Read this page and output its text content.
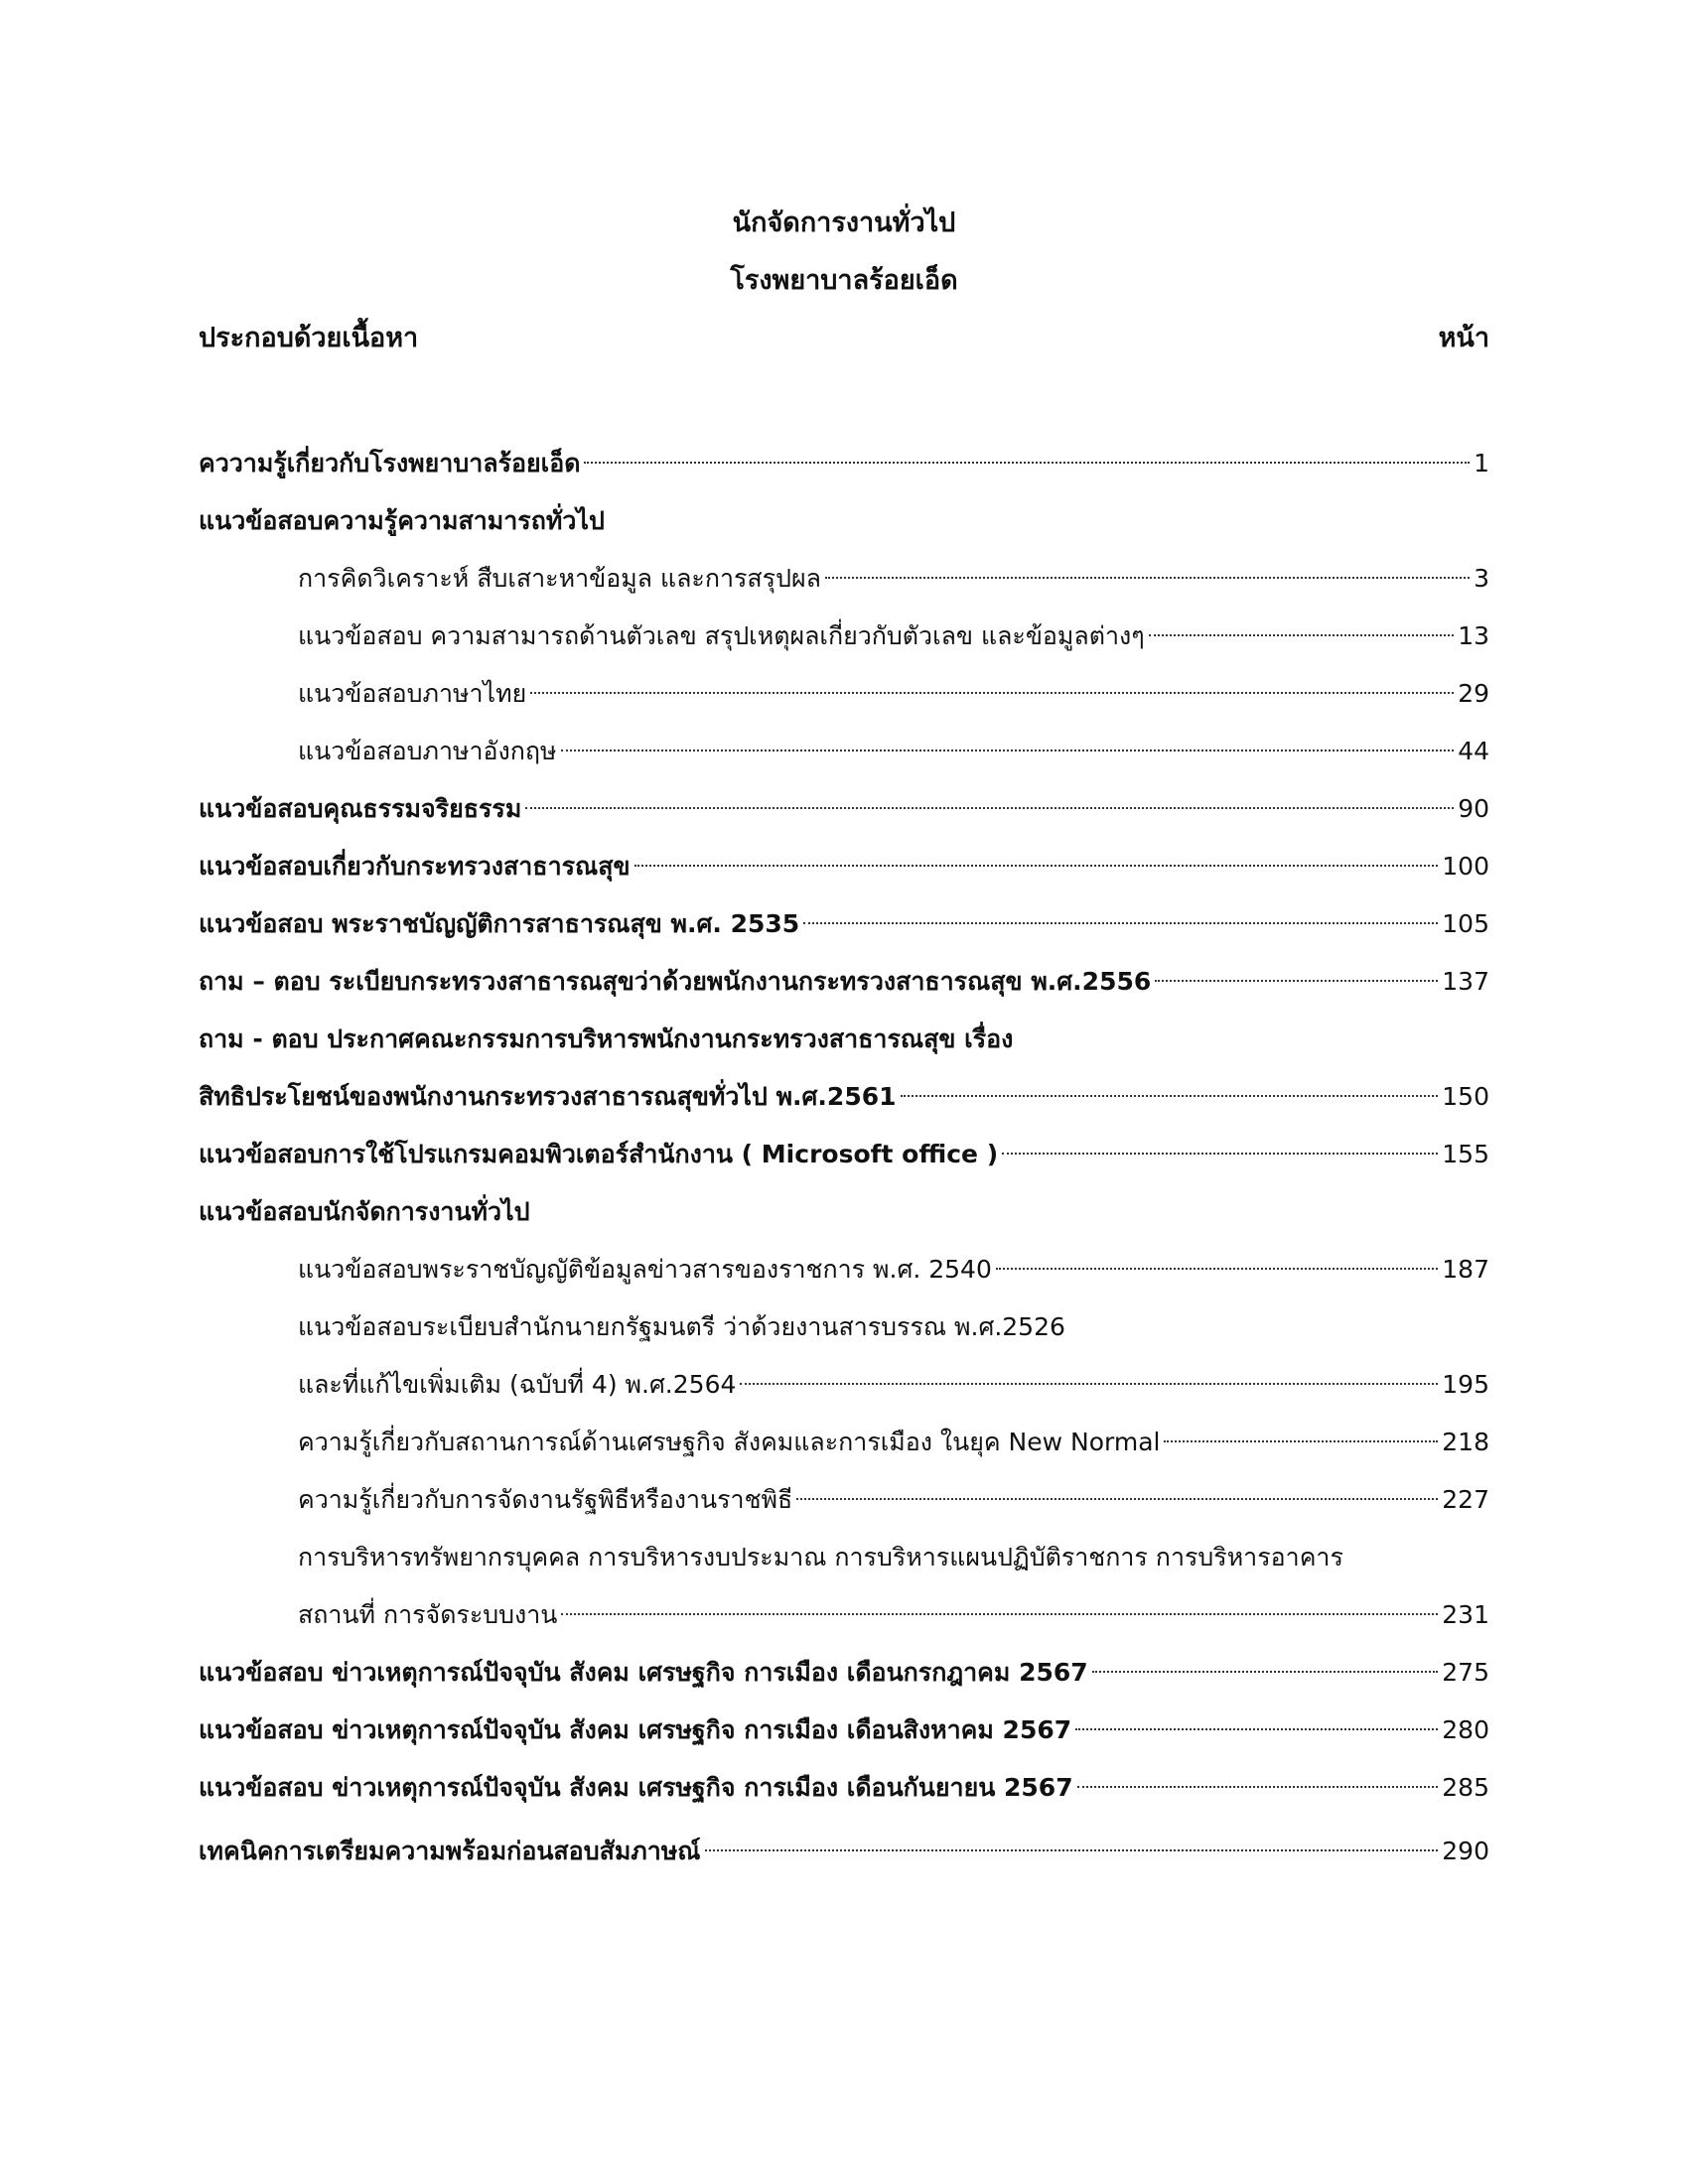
นักจัดการงานทั่วไป
โรงพยาบาลร้อยเอ็ด
ประกอบด้วยเนื้อหา	หน้า
คววามรู้เกี่ยวกับโรงพยาบาลร้อยเอ็ด	1
แนวข้อสอบความรู้ความสามารถทั่วไป
การคิดวิเคราะห์ สืบเสาะหาข้อมูล และการสรุปผล	3
แนวข้อสอบ ความสามารถด้านตัวเลข สรุปเหตุผลเกี่ยวกับตัวเลข และข้อมูลต่างๆ	13
แนวข้อสอบภาษาไทย	29
แนวข้อสอบภาษาอังกฤษ	44
แนวข้อสอบคุณธรรมจริยธรรม	90
แนวข้อสอบเกี่ยวกับกระทรวงสาธารณสุข	100
แนวข้อสอบ พระราชบัญญัติการสาธารณสุข พ.ศ. 2535	105
ถาม – ตอบ ระเบียบกระทรวงสาธารณสุขว่าด้วยพนักงานกระทรวงสาธารณสุข พ.ศ.2556	137
ถาม - ตอบ ประกาศคณะกรรมการบริหารพนักงานกระทรวงสาธารณสุข เรื่อง
สิทธิประโยชน์ของพนักงานกระทรวงสาธารณสุขทั่วไป พ.ศ.2561	150
แนวข้อสอบการใช้โปรแกรมคอมพิวเตอร์สำนักงาน ( Microsoft office )	155
แนวข้อสอบนักจัดการงานทั่วไป
แนวข้อสอบพระราชบัญญัติข้อมูลข่าวสารของราชการ พ.ศ. 2540	187
แนวข้อสอบระเบียบสำนักนายกรัฐมนตรี ว่าด้วยงานสารบรรณ พ.ศ.2526
และที่แก้ไขเพิ่มเติม (ฉบับที่ 4) พ.ศ.2564	195
ความรู้เกี่ยวกับสถานการณ์ด้านเศรษฐกิจ สังคมและการเมือง ในยุค New Normal	218
ความรู้เกี่ยวกับการจัดงานรัฐพิธีหรืองานราชพิธี	227
การบริหารทรัพยากรบุคคล การบริหารงบประมาณ การบริหารแผนปฏิบัติราชการ การบริหารอาคาร
สถานที่ การจัดระบบงาน	231
แนวข้อสอบ ข่าวเหตุการณ์ปัจจุบัน สังคม เศรษฐกิจ การเมือง เดือนกรกฎาคม 2567	275
แนวข้อสอบ ข่าวเหตุการณ์ปัจจุบัน สังคม เศรษฐกิจ การเมือง เดือนสิงหาคม 2567	280
แนวข้อสอบ ข่าวเหตุการณ์ปัจจุบัน สังคม เศรษฐกิจ การเมือง เดือนกันยายน 2567	285
เทคนิคการเตรียมความพร้อมก่อนสอบสัมภาษณ์	290
